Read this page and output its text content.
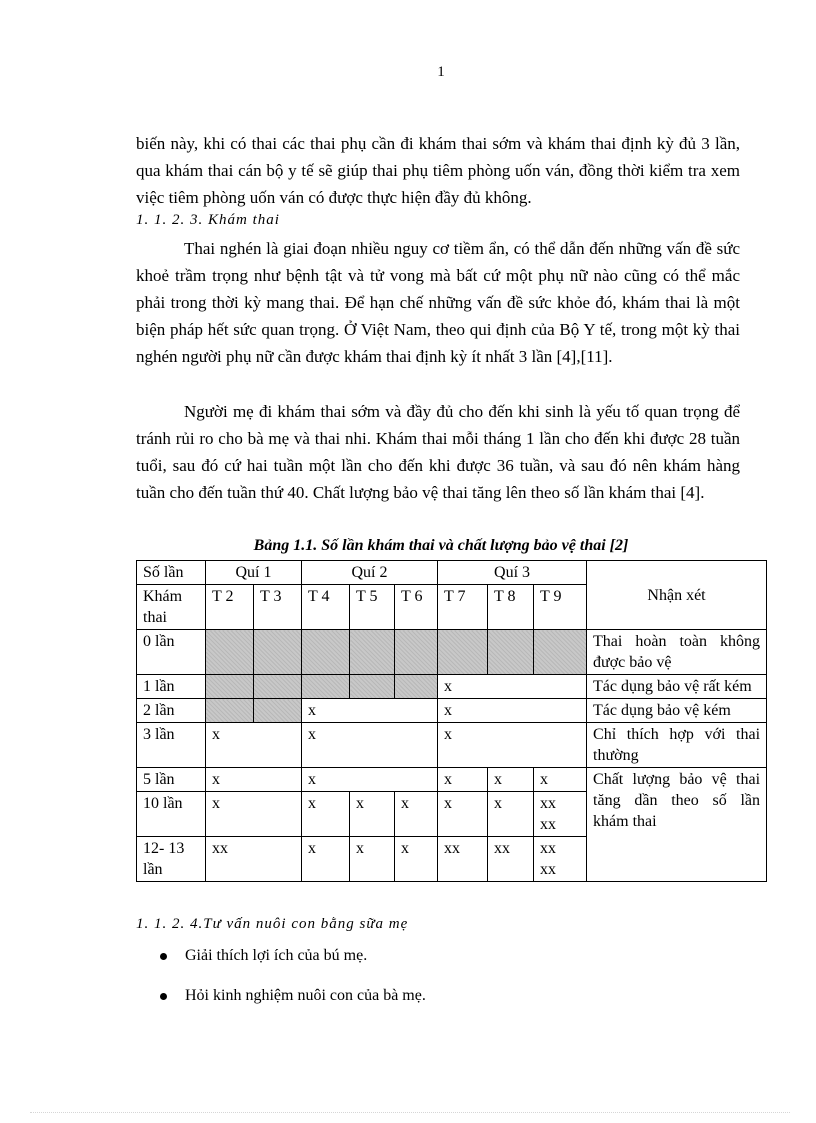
1

biến này, khi có thai các thai phụ cần đi khám thai sớm và khám thai định kỳ đủ 3 lần, qua khám thai cán bộ y tế sẽ giúp thai phụ tiêm phòng uốn ván, đồng thời kiểm tra xem việc tiêm phòng uốn ván có được thực hiện đầy đủ không.

1. 1. 2. 3. Khám thai

Thai nghén là giai đoạn nhiều nguy cơ tiềm ẩn, có thể dẫn đến những vấn đề sức khoẻ trầm trọng như bệnh tật và tử vong mà bất cứ một phụ nữ nào cũng có thể mắc phải trong thời kỳ mang thai. Để hạn chế những vấn đề sức khỏe đó, khám thai là một biện pháp hết sức quan trọng. Ở Việt Nam, theo qui định của Bộ Y tế, trong một kỳ thai nghén người phụ nữ cần được khám thai định kỳ ít nhất 3 lần [4],[11].

Người mẹ đi khám thai sớm và đầy đủ cho đến khi sinh là yếu tố quan trọng để tránh rủi ro cho bà mẹ và thai nhi. Khám thai mỗi tháng 1 lần cho đến khi được 28 tuần tuổi, sau đó cứ hai tuần một lần cho đến khi được 36 tuần, và sau đó nên khám hàng tuần cho đến tuần thứ 40. Chất lượng bảo vệ thai tăng lên theo số lần khám thai [4].

Bảng 1.1. Số lần khám thai và chất lượng bảo vệ thai [2]
Số lần	Quí 1		Quí 2			Quí 3			Nhận xét
Khám thai	T 2	T 3	T 4	T 5	T 6	T 7	T 8	T 9	
0 lần									Thai hoàn toàn không được bảo vệ
1 lần						x			Tác dụng bảo vệ rất kém
2 lần			x			x			Tác dụng bảo vệ kém
3 lần	x		x			x			Chỉ thích hợp với thai thường
5 lần	x		x			x	x	x	Chất lượng bảo vệ thai tăng dần theo số lần khám thai
10 lần	x		x	x	x	x	x	xx
xx	

12- 13 lần	xx		x	x	x	xx	xx	xx
xx	
1. 1. 2. 4.Tư vấn nuôi con bằng sữa mẹ
Giải thích lợi ích của bú mẹ.
Hỏi kinh nghiệm nuôi con của bà mẹ.
